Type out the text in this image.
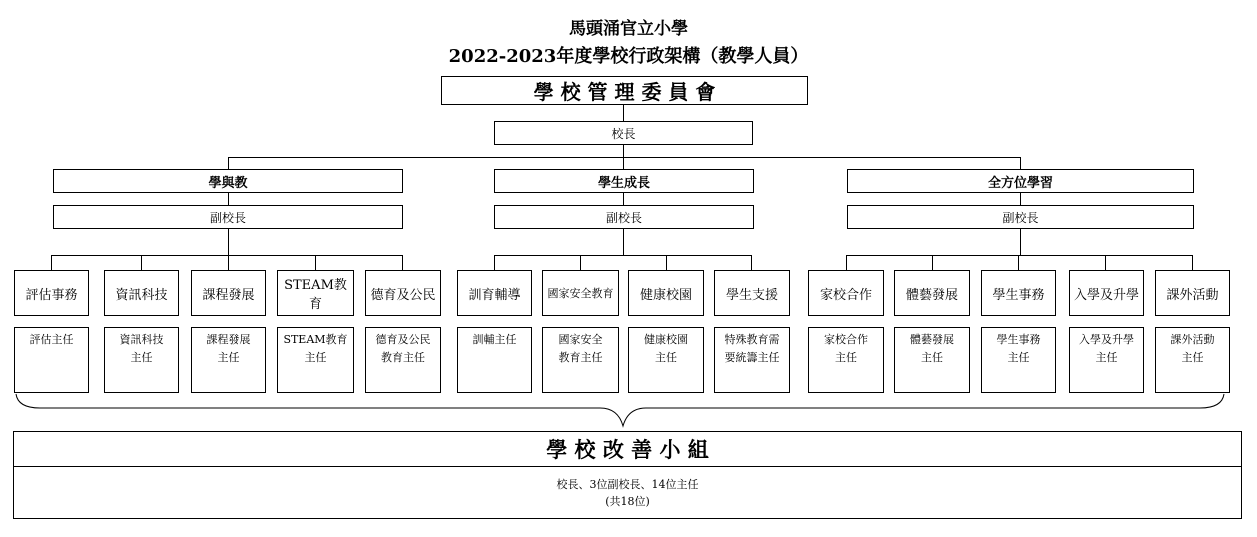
馬頭涌官立小學
2022-2023年度學校行政架構（教學人員）
學 校 管 理 委 員 會
校長
學與教	學生成長	全方位學習
副校長	副校長	副校長
評估事務	資訊科技	課程發展
STEAM教育
德育及公民	訓育輔導 國家安全教育 健康校園	學生支援	家校合作	體藝發展	學生事務 入學及升學 課外活動
評估主任	資訊科技
主任
課程發展
主任
STEAM教育
主任
德育及公民
教育主任
訓輔主任	國家安全
教育主任
健康校園
主任
特殊教育需
要統籌主任
家校合作
主任
體藝發展
主任
學生事務
主任
入學及升學
主任
課外活動
主任
學 校 改 善 小 組
校長、3位副校長、14位主任
(共18位)
